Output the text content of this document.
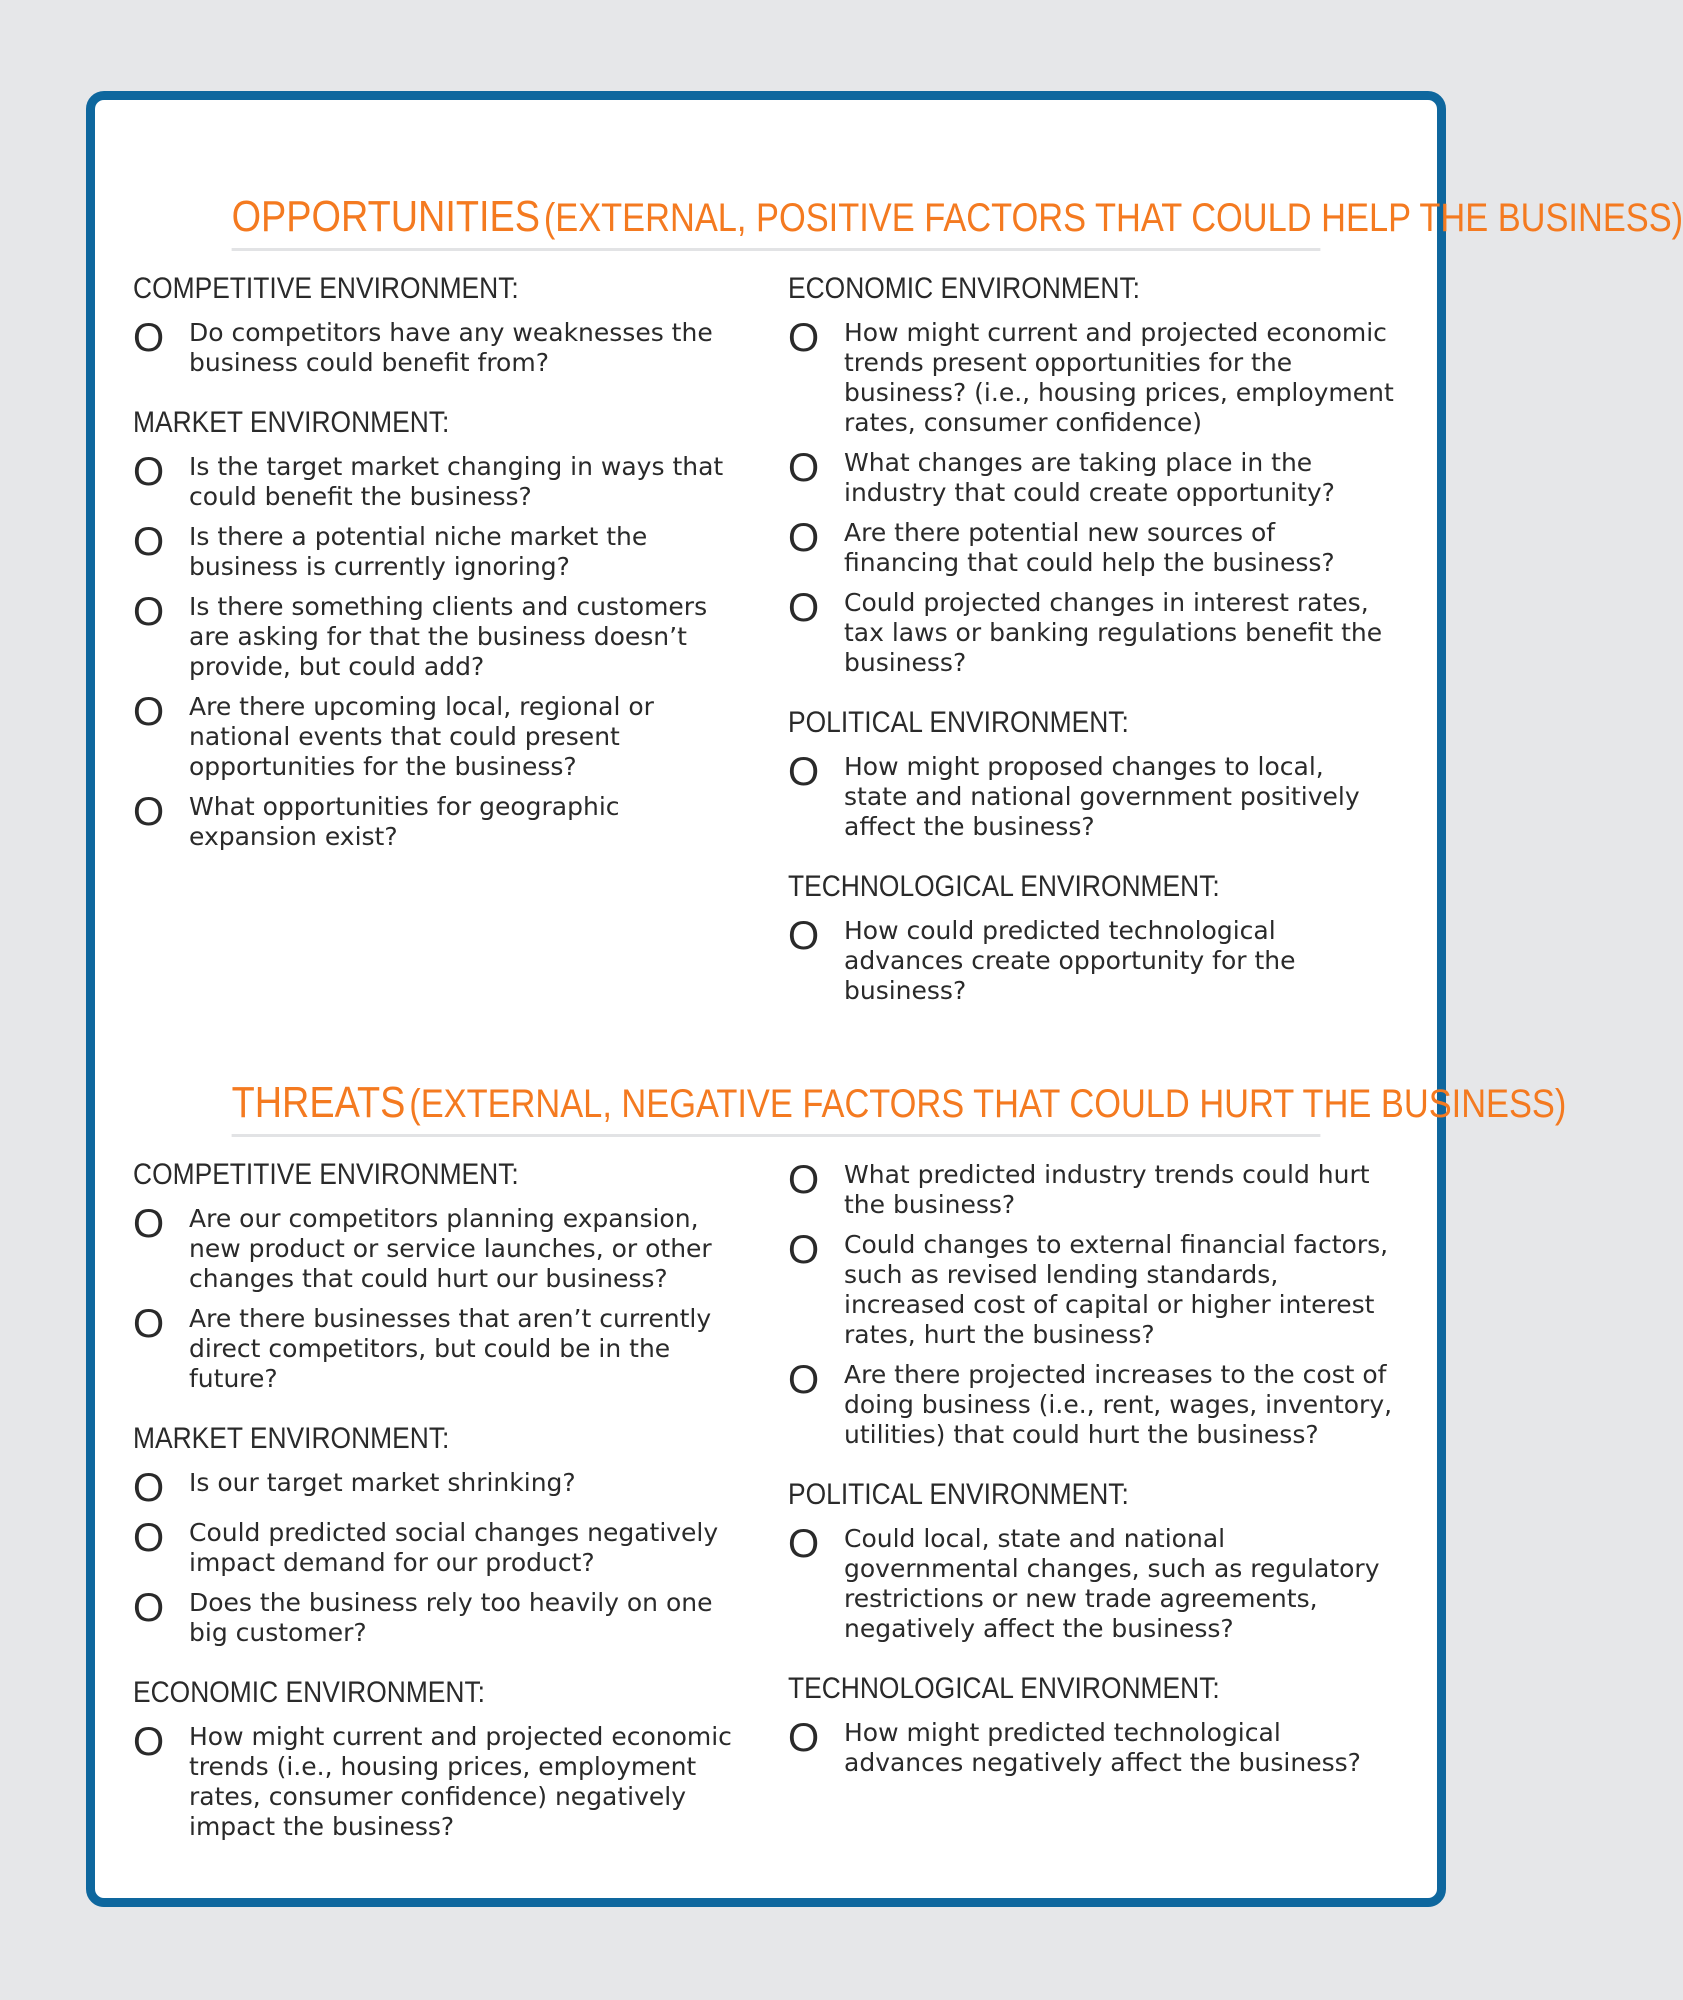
OPPORTUNITIES (EXTERNAL, POSITIVE FACTORS THAT COULD HELP THE BUSINESS)
COMPETITIVE ENVIRONMENT:
O Do competitors have any weaknesses the business could benefit from?
MARKET ENVIRONMENT:
O Is the target market changing in ways that could benefit the business?
O Is there a potential niche market the business is currently ignoring?
O Is there something clients and customers are asking for that the business doesn’t provide, but could add?
O Are there upcoming local, regional or national events that could present opportunities for the business?
O What opportunities for geographic expansion exist?
ECONOMIC ENVIRONMENT:
O How might current and projected economic trends present opportunities for the business? (i.e., housing prices, employment rates, consumer confidence)
O What changes are taking place in the industry that could create opportunity?
O Are there potential new sources of financing that could help the business?
O Could projected changes in interest rates, tax laws or banking regulations benefit the business?
POLITICAL ENVIRONMENT:
O How might proposed changes to local, state and national government positively affect the business?
TECHNOLOGICAL ENVIRONMENT:
O How could predicted technological advances create opportunity for the business?
THREATS (EXTERNAL, NEGATIVE FACTORS THAT COULD HURT THE BUSINESS)
COMPETITIVE ENVIRONMENT:
O Are our competitors planning expansion, new product or service launches, or other changes that could hurt our business?
O Are there businesses that aren’t currently direct competitors, but could be in the future?
MARKET ENVIRONMENT:
O Is our target market shrinking?
O Could predicted social changes negatively impact demand for our product?
O Does the business rely too heavily on one big customer?
ECONOMIC ENVIRONMENT:
O How might current and projected economic trends (i.e., housing prices, employment rates, consumer confidence) negatively impact the business?
O What predicted industry trends could hurt the business?
O Could changes to external financial factors, such as revised lending standards, increased cost of capital or higher interest rates, hurt the business?
O Are there projected increases to the cost of doing business (i.e., rent, wages, inventory, utilities) that could hurt the business?
POLITICAL ENVIRONMENT:
O Could local, state and national governmental changes, such as regulatory restrictions or new trade agreements, negatively affect the business?
TECHNOLOGICAL ENVIRONMENT:
O How might predicted technological advances negatively affect the business?
